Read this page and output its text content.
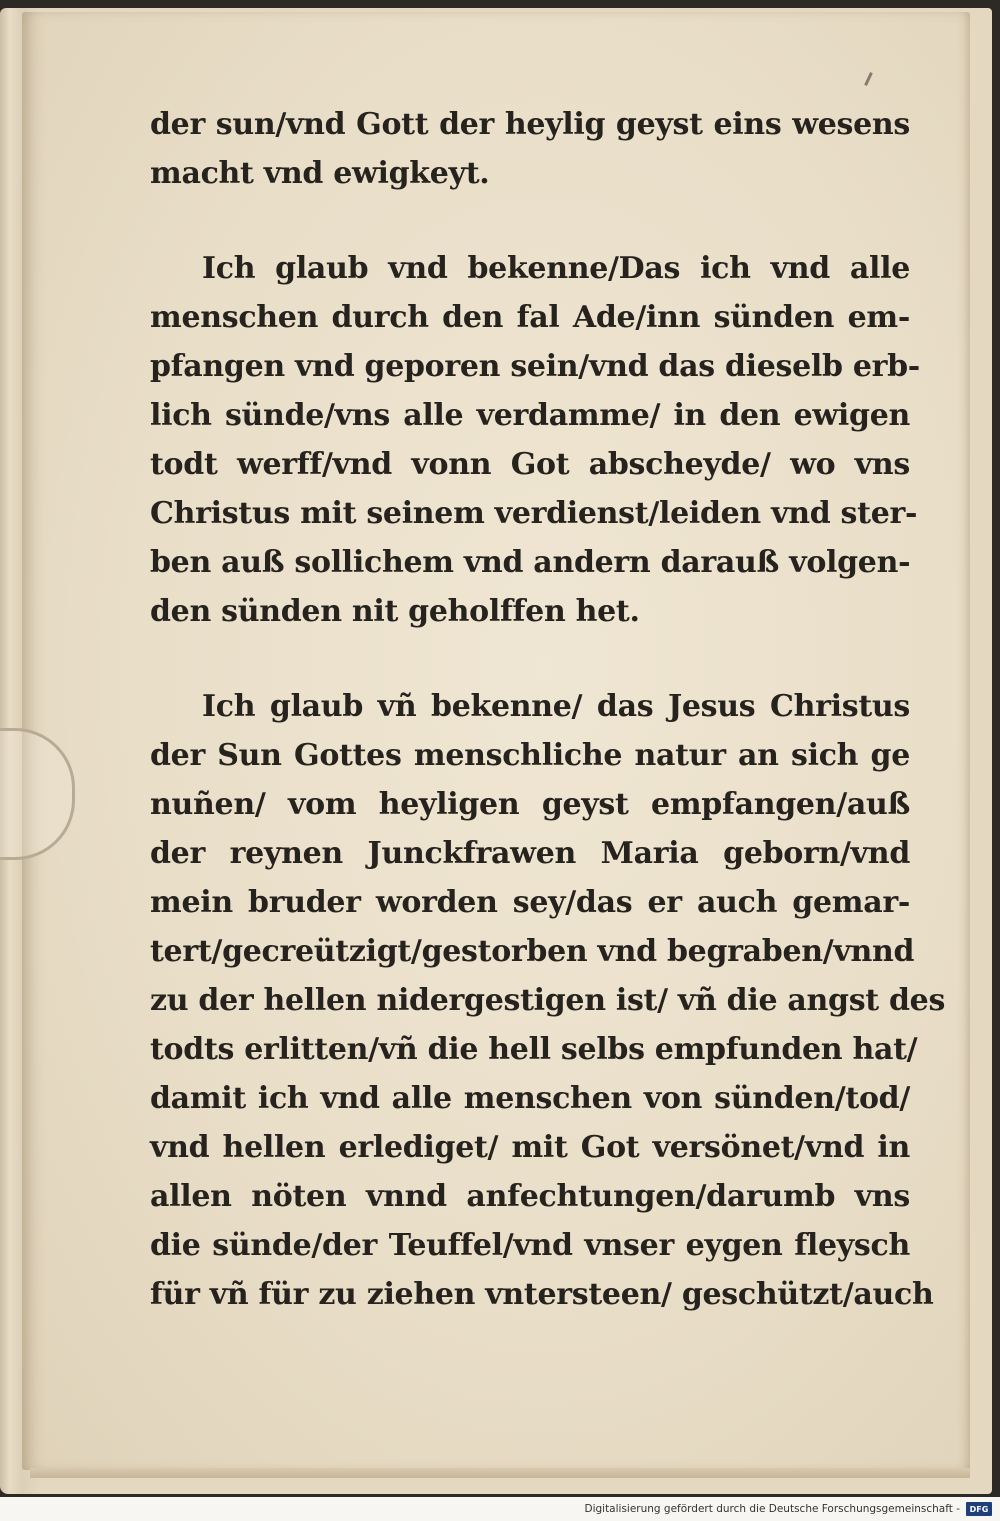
der sun/vnd Gott der heylig geyst eins wesens
macht vnd ewigkeyt.
Ich glaub vnd bekenne/Das ich vnd alle
menschen durch den fal Ade/inn sünden em-
pfangen vnd geporen sein/vnd das dieselb erb-
lich sünde/vns alle verdamme/ in den ewigen
todt werff/vnd vonn Got abscheyde/ wo vns
Christus mit seinem verdienst/leiden vnd ster-
ben auß sollichem vnd andern darauß volgen-
den sünden nit geholffen het.
Ich glaub vñ bekenne/ das Jesus Christus
der Sun Gottes menschliche natur an sich ge
nuñen/ vom heyligen geyst empfangen/auß
der reynen Junckfrawen Maria geborn/vnd
mein bruder worden sey/das er auch gemar-
tert/gecreützigt/gestorben vnd begraben/vnnd
zu der hellen nidergestigen ist/ vñ die angst des
todts erlitten/vñ die hell selbs empfunden hat/
damit ich vnd alle menschen von sünden/tod/
vnd hellen erlediget/ mit Got versönet/vnd in
allen nöten vnnd anfechtungen/darumb vns
die sünde/der Teuffel/vnd vnser eygen fleysch
für vñ für zu ziehen vntersteen/ geschützt/auch
Digitalisierung gefördert durch die Deutsche Forschungsgemeinschaft -	DFG
